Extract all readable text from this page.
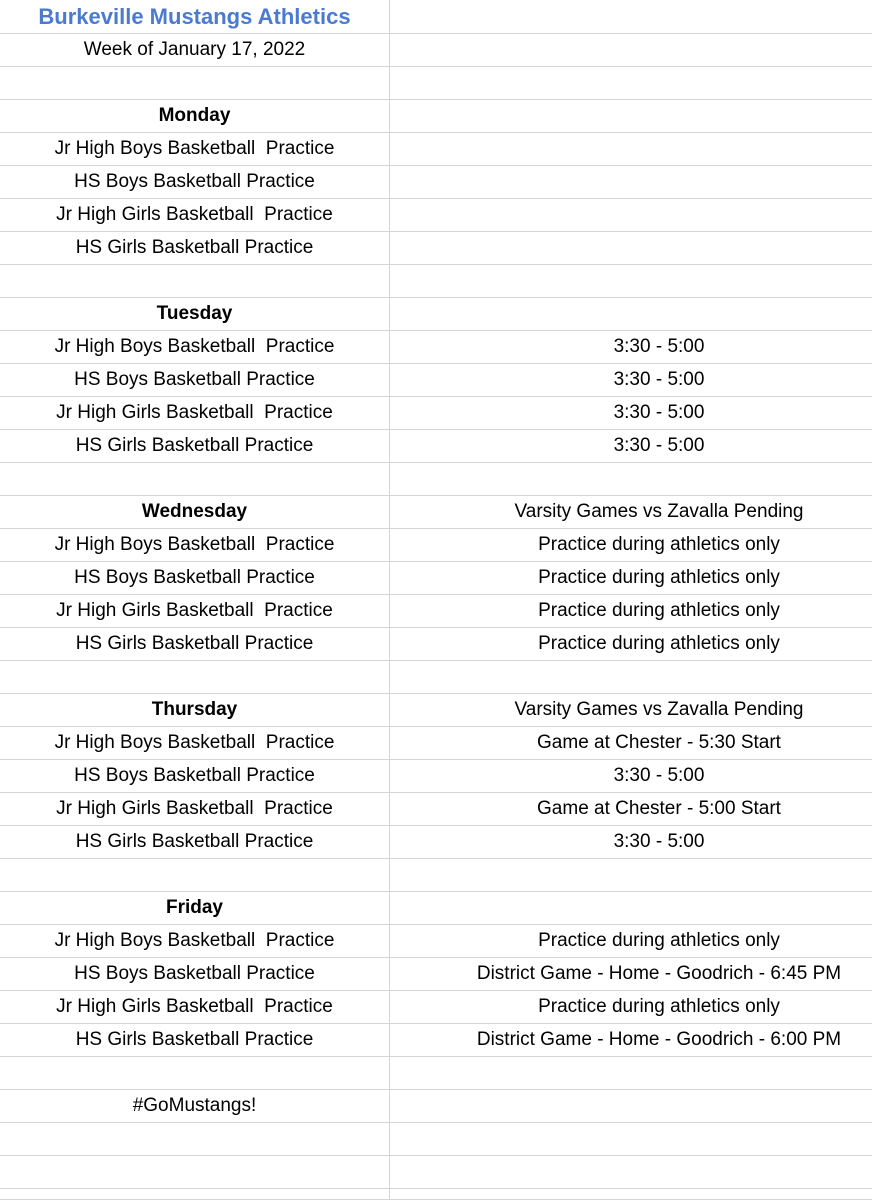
Burkeville Mustangs Athletics
Week of January 17, 2022
Monday
Jr High Boys Basketball  Practice
HS Boys Basketball Practice
Jr High Girls Basketball  Practice
HS Girls Basketball Practice
Tuesday
Jr High Boys Basketball  Practice	3:30 - 5:00
HS Boys Basketball Practice	3:30 - 5:00
Jr High Girls Basketball  Practice	3:30 - 5:00
HS Girls Basketball Practice	3:30 - 5:00
Wednesday	Varsity Games vs Zavalla Pending
Jr High Boys Basketball  Practice	Practice during athletics only
HS Boys Basketball Practice	Practice during athletics only
Jr High Girls Basketball  Practice	Practice during athletics only
HS Girls Basketball Practice	Practice during athletics only
Thursday	Varsity Games vs Zavalla Pending
Jr High Boys Basketball  Practice	Game at Chester - 5:30 Start
HS Boys Basketball Practice	3:30 - 5:00
Jr High Girls Basketball  Practice	Game at Chester - 5:00 Start
HS Girls Basketball Practice	3:30 - 5:00
Friday
Jr High Boys Basketball  Practice	Practice during athletics only
HS Boys Basketball Practice	District Game - Home - Goodrich - 6:45 PM
Jr High Girls Basketball  Practice	Practice during athletics only
HS Girls Basketball Practice	District Game - Home - Goodrich - 6:00 PM
#GoMustangs!
